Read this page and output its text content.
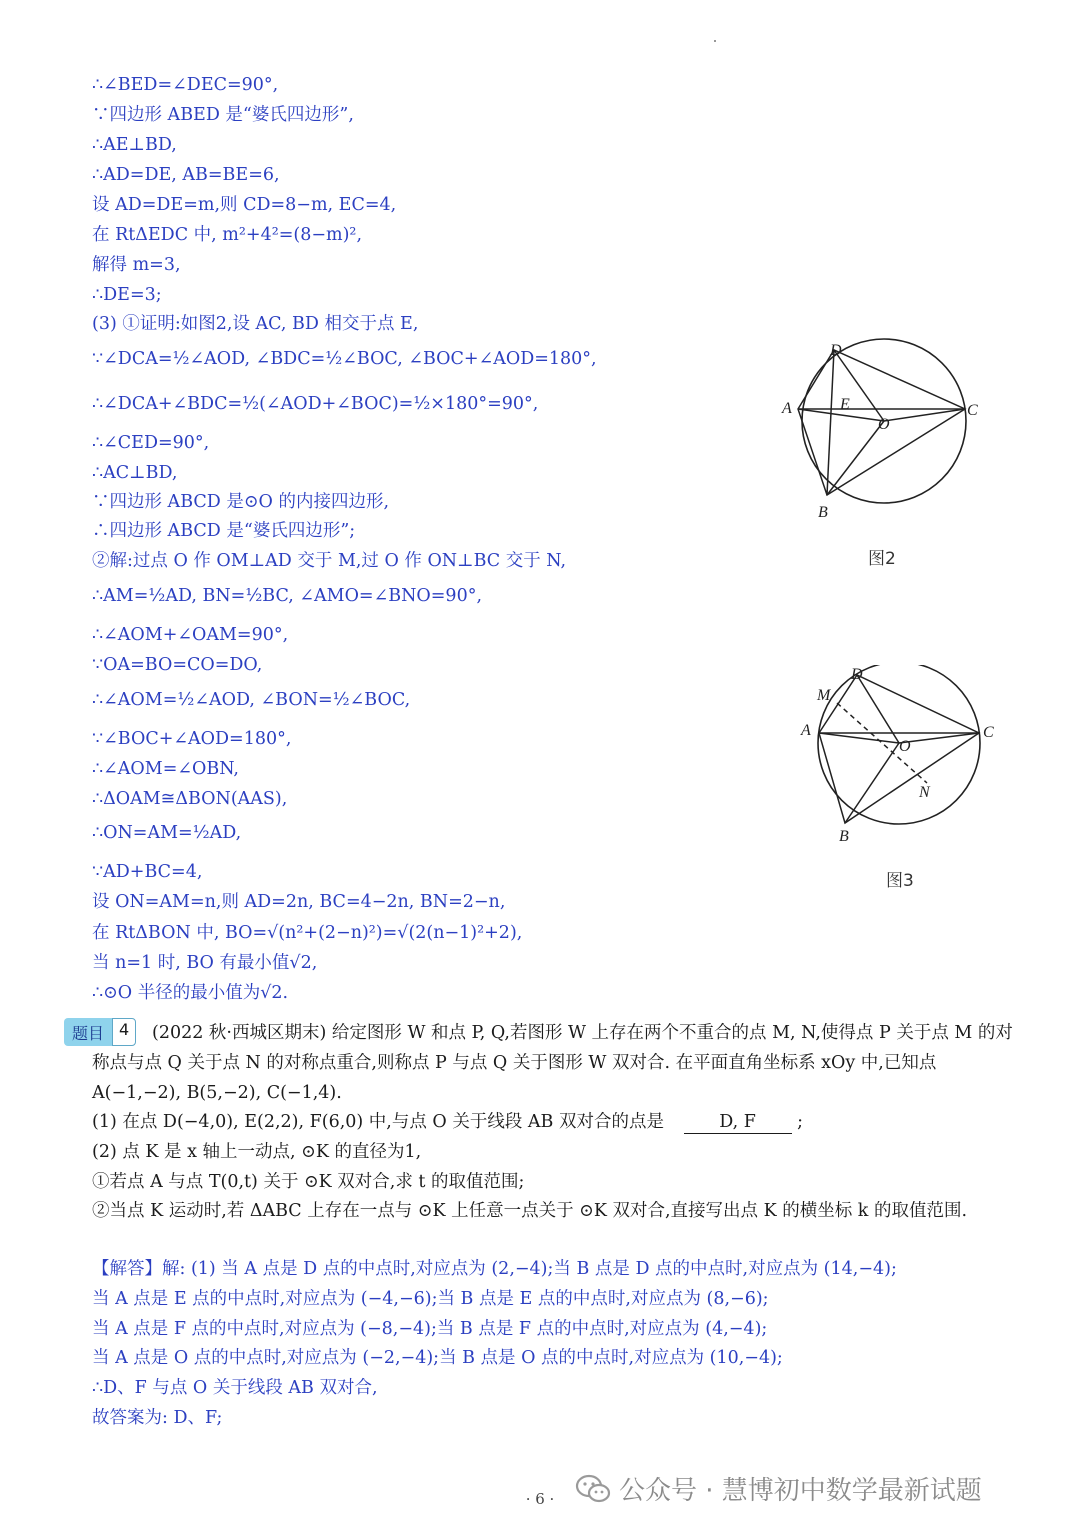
∴∠BED=∠DEC=90°,
∵四边形 ABED 是“婆氏四边形”,
∴AE⊥BD,
∴AD=DE, AB=BE=6,
设 AD=DE=m,则 CD=8−m, EC=4,
在 RtΔEDC 中, m²+4²=(8−m)²,
解得 m=3,
∴DE=3;
(3) ①证明:如图2,设 AC, BD 相交于点 E,
∵∠DCA=½∠AOD, ∠BDC=½∠BOC, ∠BOC+∠AOD=180°,
∴∠DCA+∠BDC=½(∠AOD+∠BOC)=½×180°=90°,
∴∠CED=90°,
∴AC⊥BD,
∵四边形 ABCD 是⊙O 的内接四边形,
∴四边形 ABCD 是“婆氏四边形”;
②解:过点 O 作 OM⊥AD 交于 M,过 O 作 ON⊥BC 交于 N,
∴AM=½AD, BN=½BC, ∠AMO=∠BNO=90°,
∴∠AOM+∠OAM=90°,
∵OA=BO=CO=DO,
∴∠AOM=½∠AOD, ∠BON=½∠BOC,
∵∠BOC+∠AOD=180°,
∴∠AOM=∠OBN,
∴ΔOAM≅ΔBON(AAS),
∴ON=AM=½AD,
∵AD+BC=4,
设 ON=AM=n,则 AD=2n, BC=4−2n, BN=2−n,
在 RtΔBON 中, BO=√(n²+(2−n)²)=√(2(n−1)²+2),
当 n=1 时, BO 有最小值√2,
∴⊙O 半径的最小值为√2.
D
A	C
E
O
B
图2
D
M
A	C
O
N
B
图3
题目 4	(2022 秋·西城区期末) 给定图形 W 和点 P, Q,若图形 W 上存在两个不重合的点 M, N,使得点 P 关于点 M 的对称点与点 Q 关于点 N 的对称点重合,则称点 P 与点 Q 关于图形 W 双对合. 在平面直角坐标系 xOy 中,已知点 A(−1,−2), B(5,−2), C(−1,4).
(1) 在点 D(−4,0), E(2,2), F(6,0) 中,与点 O 关于线段 AB 双对合的点是	D, F ;
(2) 点 K 是 x 轴上一动点, ⊙K 的直径为1,
①若点 A 与点 T(0,t) 关于 ⊙K 双对合,求 t 的取值范围;
②当点 K 运动时,若 ΔABC 上存在一点与 ⊙K 上任意一点关于 ⊙K 双对合,直接写出点 K 的横坐标 k 的取值范围.
【解答】解: (1) 当 A 点是 D 点的中点时,对应点为 (2,−4);当 B 点是 D 点的中点时,对应点为 (14,−4);
当 A 点是 E 点的中点时,对应点为 (−4,−6);当 B 点是 E 点的中点时,对应点为 (8,−6);
当 A 点是 F 点的中点时,对应点为 (−8,−4);当 B 点是 F 点的中点时,对应点为 (4,−4);
当 A 点是 O 点的中点时,对应点为 (−2,−4);当 B 点是 O 点的中点时,对应点为 (10,−4);
∴D、F 与点 O 关于线段 AB 双对合,
故答案为: D、F;
· 6 ·	公众号 · 慧博初中数学最新试题
